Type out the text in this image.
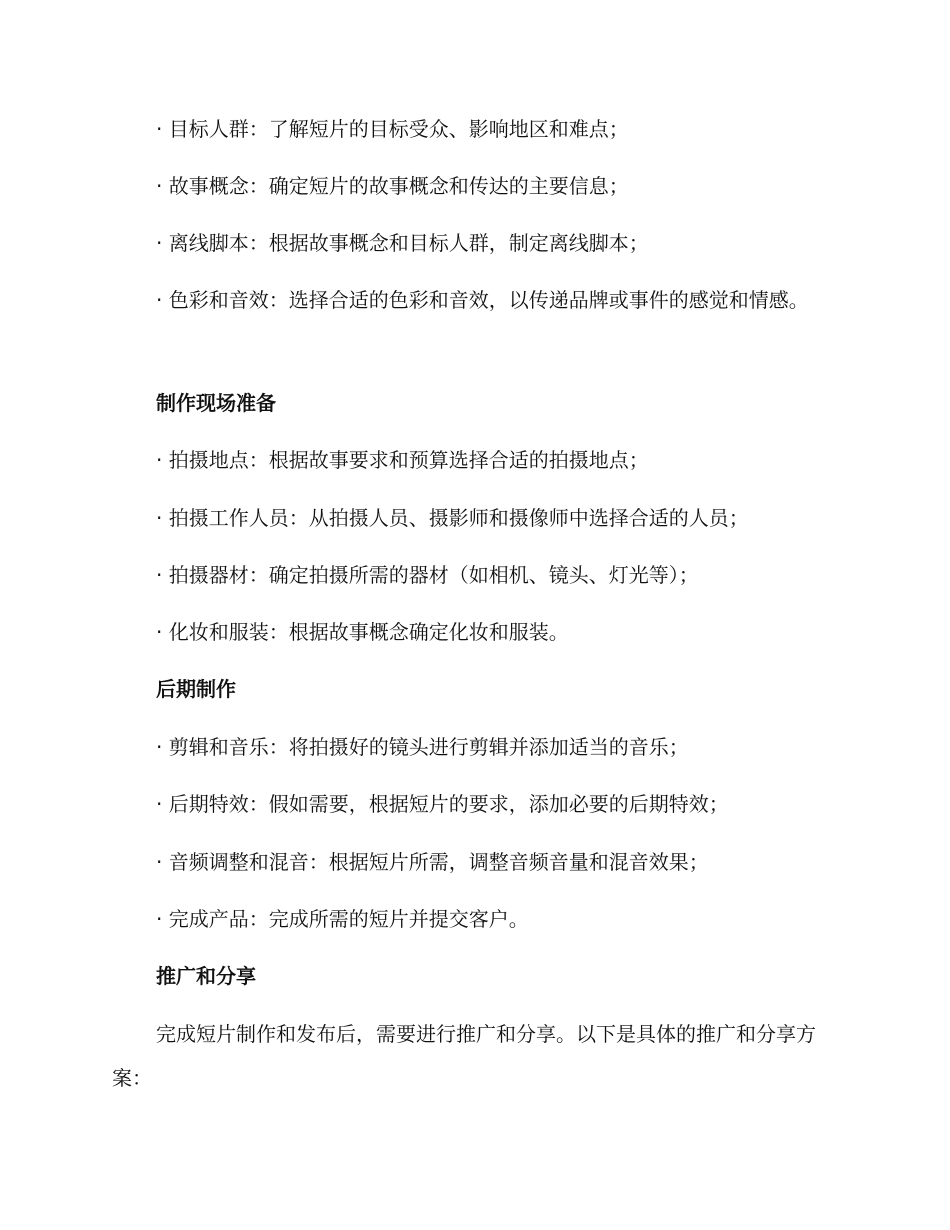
· 目标人群：了解短片的目标受众、影响地区和难点；
· 故事概念：确定短片的故事概念和传达的主要信息；
· 离线脚本：根据故事概念和目标人群，制定离线脚本；
· 色彩和音效：选择合适的色彩和音效，以传递品牌或事件的感觉和情感。
制作现场准备
· 拍摄地点：根据故事要求和预算选择合适的拍摄地点；
· 拍摄工作人员：从拍摄人员、摄影师和摄像师中选择合适的人员；
· 拍摄器材：确定拍摄所需的器材（如相机、镜头、灯光等）；
· 化妆和服装：根据故事概念确定化妆和服装。
后期制作
· 剪辑和音乐：将拍摄好的镜头进行剪辑并添加适当的音乐；
· 后期特效：假如需要，根据短片的要求，添加必要的后期特效；
· 音频调整和混音：根据短片所需，调整音频音量和混音效果；
· 完成产品：完成所需的短片并提交客户。
推广和分享
完成短片制作和发布后，需要进行推广和分享。以下是具体的推广和分享方案：
